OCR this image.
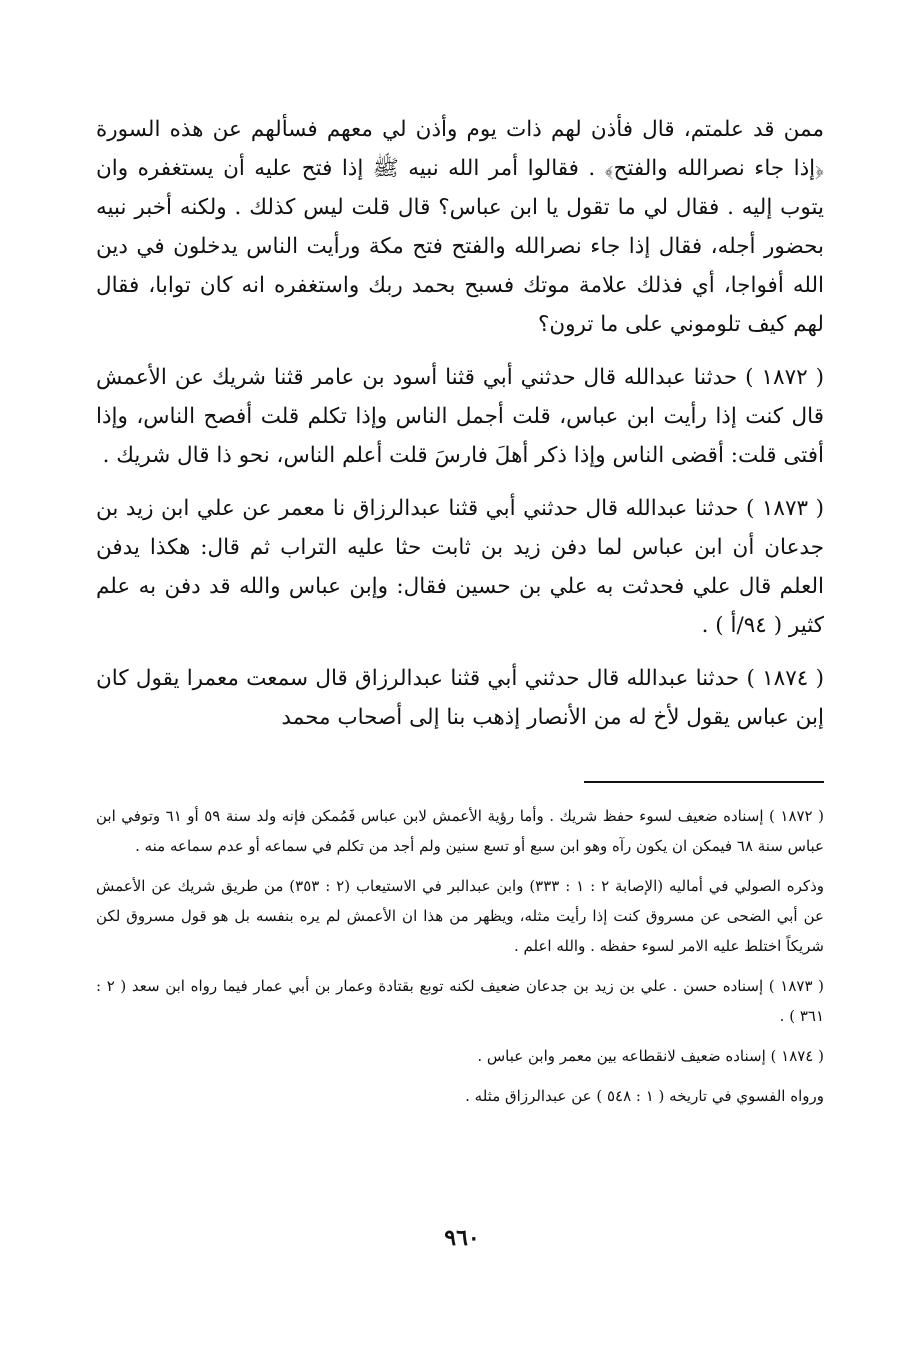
ممن قد علمتم، قال فأذن لهم ذات يوم وأذن لي معهم فسألهم عن هذه السورة ﴿إذا جاء نصرالله والفتح﴾ . فقالوا أمر الله نبيه ﷺ إذا فتح عليه أن يستغفره وان يتوب إليه . فقال لي ما تقول يا ابن عباس؟ قال قلت ليس كذلك . ولكنه أخبر نبيه بحضور أجله، فقال إذا جاء نصرالله والفتح فتح مكة ورأيت الناس يدخلون في دين الله أفواجا، أي فذلك علامة موتك فسبح بحمد ربك واستغفره انه كان توابا، فقال لهم كيف تلوموني على ما ترون؟

( ١٨٧٢ ) حدثنا عبدالله قال حدثني أبي قثنا أسود بن عامر قثنا شريك عن الأعمش قال كنت إذا رأيت ابن عباس، قلت أجمل الناس وإذا تكلم قلت أفصح الناس، وإذا أفتى قلت: أقضى الناس وإذا ذكر أهلَ فارسَ قلت أعلم الناس، نحو ذا قال شريك .

( ١٨٧٣ ) حدثنا عبدالله قال حدثني أبي قثنا عبدالرزاق نا معمر عن علي ابن زيد بن جدعان أن ابن عباس لما دفن زيد بن ثابت حثا عليه التراب ثم قال: هكذا يدفن العلم قال علي فحدثت به علي بن حسين فقال: وإبن عباس والله قد دفن به علم كثير ( ٩٤/أ ) .

( ١٨٧٤ ) حدثنا عبدالله قال حدثني أبي قثنا عبدالرزاق قال سمعت معمرا يقول كان إبن عباس يقول لأخ له من الأنصار إذهب بنا إلى أصحاب محمد

( ١٨٧٢ ) إسناده ضعيف لسوء حفظ شريك . وأما رؤية الأعمش لابن عباس فَمُمكن فإنه ولد سنة ٥٩ أو ٦١ وتوفي ابن عباس سنة ٦٨ فيمكن ان يكون رآه وهو ابن سبع أو تسع سنين ولم أجد من تكلم في سماعه أو عدم سماعه منه .

وذكره الصولي في أماليه (الإصابة ٢ : ١ : ٣٣٣) وابن عبدالبر في الاستيعاب (٢ : ٣٥٣) من طريق شريك عن الأعمش عن أبي الضحى عن مسروق كنت إذا رأيت مثله، ويظهر من هذا ان الأعمش لم يره بنفسه بل هو قول مسروق لكن شريكاً اختلط عليه الامر لسوء حفظه . والله اعلم .

( ١٨٧٣ ) إسناده حسن . علي بن زيد بن جدعان ضعيف لكنه توبع بقتادة وعمار بن أبي عمار فيما رواه ابن سعد ( ٢ : ٣٦١ ) .

( ١٨٧٤ ) إسناده ضعيف لانقطاعه بين معمر وابن عباس .

ورواه الفسوي في تاريخه ( ١ : ٥٤٨ ) عن عبدالرزاق مثله .

٩٦٠
